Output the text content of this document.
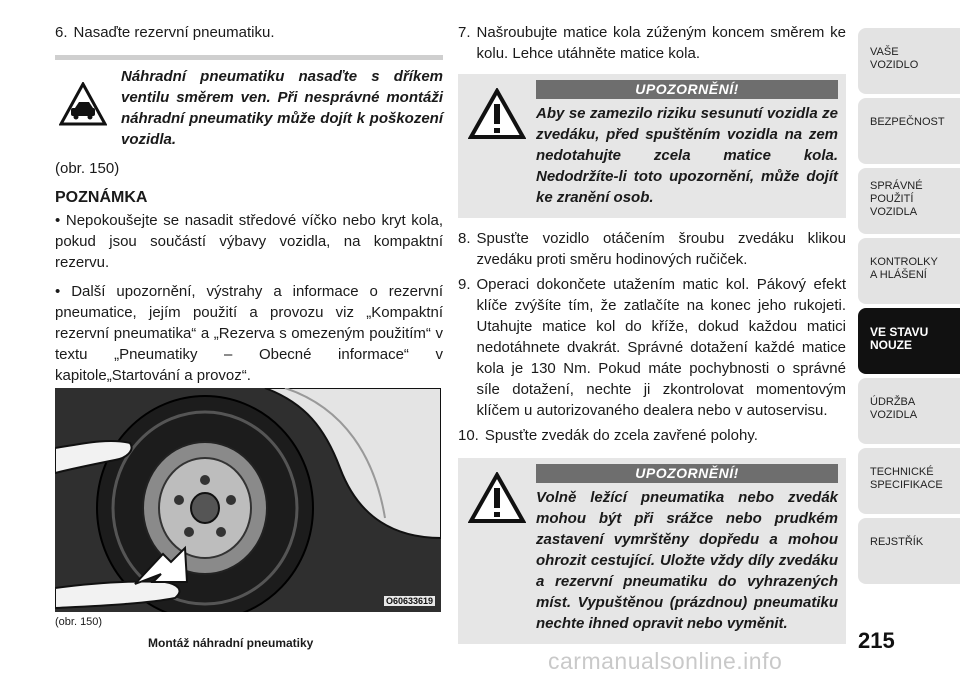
6. Nasaďte rezervní pneumatiku.

Náhradní pneumatiku nasaďte s dříkem ventilu směrem ven. Při nesprávné montáži náhradní pneumatiky může dojít k poškození vozidla.

(obr. 150)

POZNÁMKA

• Nepokoušejte se nasadit středové víčko nebo kryt kola, pokud jsou součástí výbavy vozidla, na kompaktní rezervu.

• Další upozornění, výstrahy a informace o rezervní pneumatice, jejím použití a provozu viz „Kompaktní rezervní pneumatika“ a „Rezerva s omezeným použitím“ v textu „Pneumatiky – Obecné informace“ v kapitole„Startování a provoz“.

O60633619

(obr. 150)

Montáž náhradní pneumatiky

7. Našroubujte matice kola zúženým koncem směrem ke kolu. Lehce utáhněte matice kola.
UPOZORNĚNÍ!

Aby se zamezilo riziku sesunutí vozidla ze zvedáku, před spuštěním vozidla na zem nedotahujte zcela matice kola. Nedodržíte-li toto upozornění, může dojít ke zranění osob.

8. Spusťte vozidlo otáčením šroubu zvedáku klikou zvedáku proti směru hodinových ručiček.
9. Operaci dokončete utažením matic kol. Pákový efekt klíče zvýšíte tím, že zatlačíte na konec jeho rukojeti. Utahujte matice kol do kříže, dokud každou matici nedotáhnete dvakrát. Správné dotažení každé matice kola je 130 Nm. Pokud máte pochybnosti o správné síle dotažení, nechte ji zkontrolovat momentovým klíčem u autorizovaného dealera nebo v autoservisu.
10. Spusťte zvedák do zcela zavřené polohy.
UPOZORNĚNÍ!

Volně ležící pneumatika nebo zvedák mohou být při srážce nebo prudkém zastavení vymrštěny dopředu a mohou ohrozit cestující. Uložte vždy díly zvedáku a rezervní pneumatiku do vyhrazených míst. Vypuštěnou (prázdnou) pneumatiku nechte ihned opravit nebo vyměnit.

VAŠE
VOZIDLO
BEZPEČNOST
SPRÁVNÉ
POUŽITÍ
VOZIDLA
KONTROLKY
A HLÁŠENÍ
VE STAVU
NOUZE
ÚDRŽBA
VOZIDLA
TECHNICKÉ
SPECIFIKACE
REJSTŘÍK
215
carmanualsonline.info
